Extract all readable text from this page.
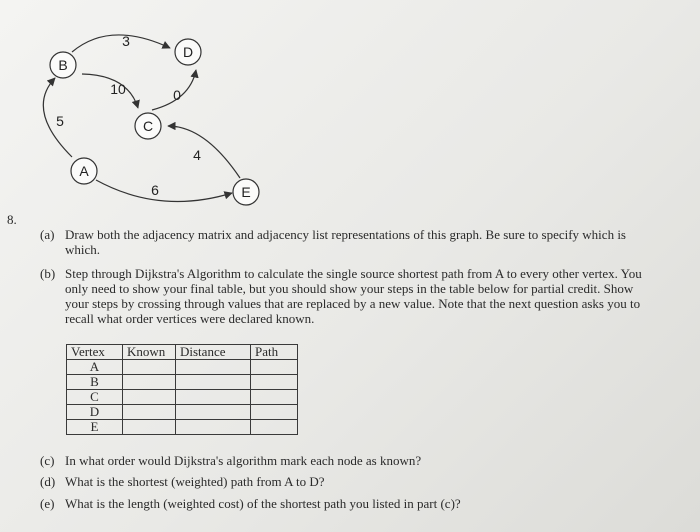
B
D
C
A
E
3
10	0
5
4
6
8.
(a) Draw both the adjacency matrix and adjacency list representations of this graph. Be sure to specify which is which.
(b) Step through Dijkstra's Algorithm to calculate the single source shortest path from A to every other vertex. You only need to show your final table, but you should show your steps in the table below for partial credit. Show your steps by crossing through values that are replaced by a new value. Note that the next question asks you to recall what order vertices were declared known.
Vertex	Known	Distance	Path
A			
B			
C			
D			
E			
(c) In what order would Dijkstra's algorithm mark each node as known?
(d) What is the shortest (weighted) path from A to D?
(e) What is the length (weighted cost) of the shortest path you listed in part (c)?
